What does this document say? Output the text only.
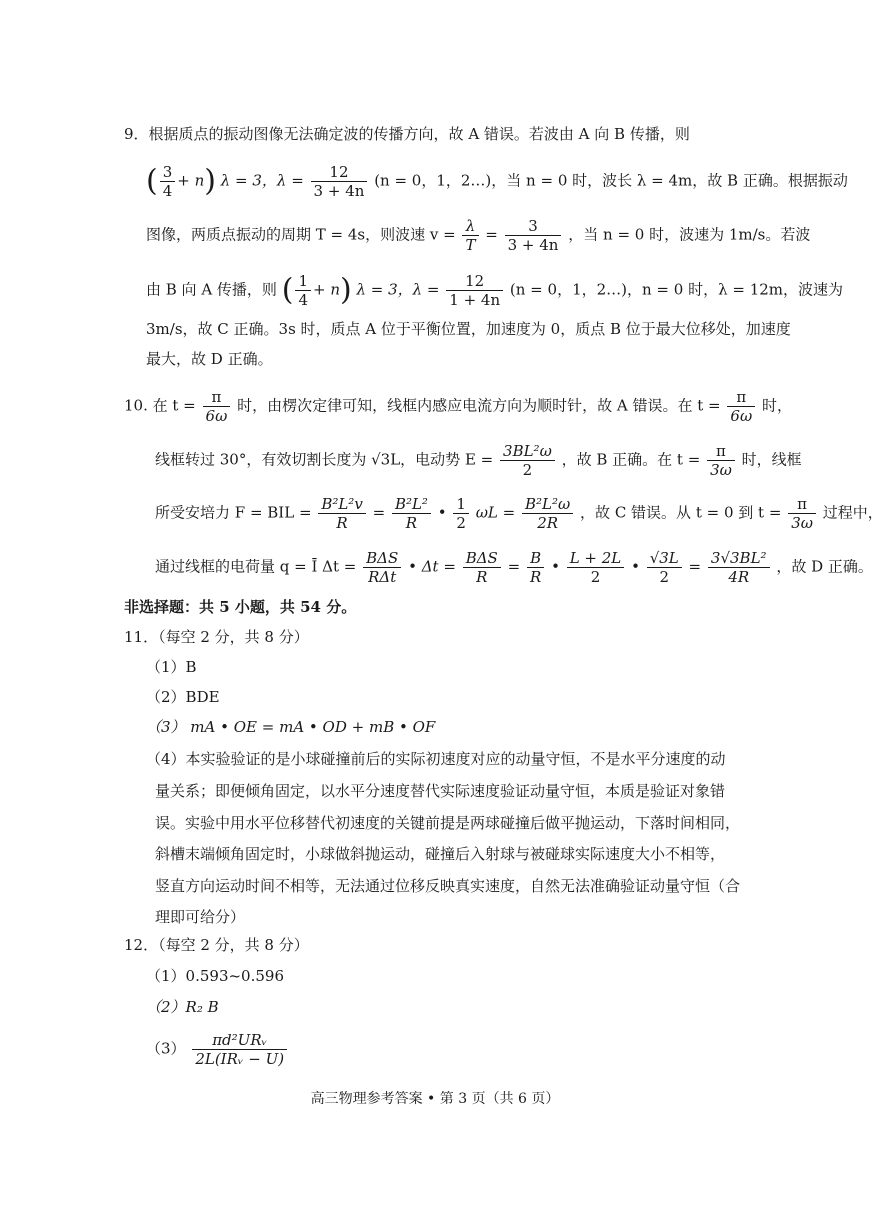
9．根据质点的振动图像无法确定波的传播方向，故 A 错误。若波由 A 向 B 传播，则
( $\frac{3}{4} + n$) λ = 3，$\lambda = \frac{12}{3 + 4n} (n = 0$，1，2…)，当 n = 0 时，波长 λ = 4m，故 B 正确。根据振动
图像，两质点振动的周期 T = 4s，则波速 $v = \frac{\lambda}{T} = \frac{3}{3 + 4n}$ ，当 n = 0 时，波速为 1m/s。若波
由 B 向 A 传播，则 ( $\frac{1}{4} + n$) λ = 3，$\lambda = \frac{12}{1 + 4n} (n = 0$，1，2…)，n = 0 时，λ = 12m，波速为
3m/s，故 C 正确。3s 时，质点 A 位于平衡位置，加速度为 0，质点 B 位于最大位移处，加速度
最大，故 D 正确。
10. 在 $t = \frac{\pi}{6\omega}$ 时，由楞次定律可知，线框内感应电流方向为顺时针，故 A 错误。在 $t = \frac{\pi}{6\omega}$ 时，
线框转过 30°，有效切割长度为 √3L，电动势 $E = \frac{\text{3BL²ω}}{2}$ ，故 B 正确。在 $t = \frac{\pi}{3\omega}$ 时，线框
所受安培力 F = BIL = $\frac{\text{B²L²v}}{R} = \frac{\text{B²L²}}{R}$ • $\frac{1}{2}$ $\omega L = \frac{\text{B²L²ω}}{2R}$ ，故 C 错误。从 t = 0 到 $t = \frac{\pi}{3\omega}$ 过程中，
通过线框的电荷量 q = Ī Δt = BΔS
RΔt
• Δt = BΔS
R
= $\frac{B}{R}$ • $\frac{L + 2L}{2}$ • $\frac{√3L}{2} = \frac{\text{3√3BL²}}{4R}$ ，故 D 正确。
非选择题：共 5 小题，共 54 分。
11．（每空 2 分，共 8 分）
（1）B
（2）BDE
（3） mA • OE = mA • OD + mB • OF
（4）本实验验证的是小球碰撞前后的实际初速度对应的动量守恒，不是水平分速度的动
量关系；即便倾角固定，以水平分速度替代实际速度验证动量守恒，本质是验证对象错
误。实验中用水平位移替代初速度的关键前提是两球碰撞后做平抛运动，下落时间相同，
斜槽末端倾角固定时，小球做斜抛运动，碰撞后入射球与被碰球实际速度大小不相等，
竖直方向运动时间不相等，无法通过位移反映真实速度，自然无法准确验证动量守恒（合
理即可给分）
12．（每空 2 分，共 8 分）
（1）0.593~0.596
（2）R₂ B
（3）	πd²URᵥ
2L(IRᵥ − U)
高三物理参考答案 • 第 3 页（共 6 页）
